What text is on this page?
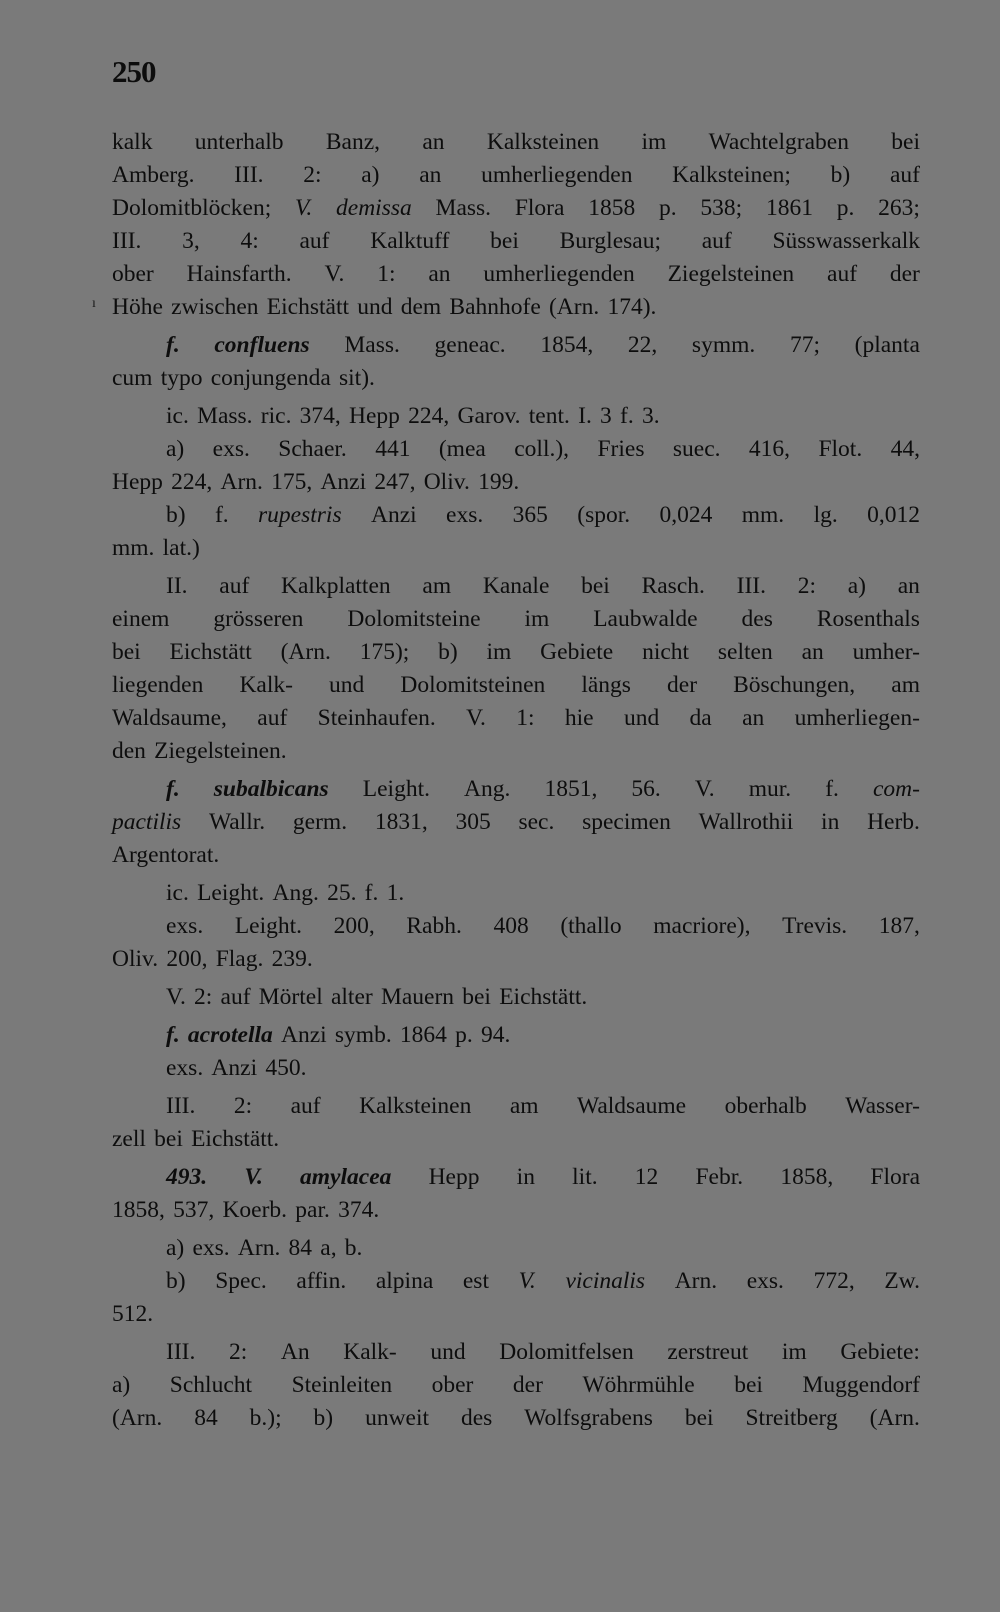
250
ı
kalk unterhalb Banz, an Kalksteinen im Wachtelgraben bei
Amberg. III. 2: a) an umherliegenden Kalksteinen; b) auf
Dolomitblöcken; V. demissa Mass. Flora 1858 p. 538; 1861 p. 263;
III. 3, 4: auf Kalktuff bei Burglesau; auf Süsswasserkalk
ober Hainsfarth. V. 1: an umherliegenden Ziegelsteinen auf der
Höhe zwischen Eichstätt und dem Bahnhofe (Arn. 174).
f. confluens Mass. geneac. 1854, 22, symm. 77; (planta
cum typo conjungenda sit).
ic. Mass. ric. 374, Hepp 224, Garov. tent. I. 3 f. 3.
a) exs. Schaer. 441 (mea coll.), Fries suec. 416, Flot. 44,
Hepp 224, Arn. 175, Anzi 247, Oliv. 199.
b) f. rupestris Anzi exs. 365 (spor. 0,024 mm. lg. 0,012
mm. lat.)
II. auf Kalkplatten am Kanale bei Rasch. III. 2: a) an
einem grösseren Dolomitsteine im Laubwalde des Rosenthals
bei Eichstätt (Arn. 175); b) im Gebiete nicht selten an umher-
liegenden Kalk- und Dolomitsteinen längs der Böschungen, am
Waldsaume, auf Steinhaufen. V. 1: hie und da an umherliegen-
den Ziegelsteinen.
f. subalbicans Leight. Ang. 1851, 56. V. mur. f. com-
pactilis Wallr. germ. 1831, 305 sec. specimen Wallrothii in Herb.
Argentorat.
ic. Leight. Ang. 25. f. 1.
exs. Leight. 200, Rabh. 408 (thallo macriore), Trevis. 187,
Oliv. 200, Flag. 239.
V. 2: auf Mörtel alter Mauern bei Eichstätt.
f. acrotella Anzi symb. 1864 p. 94.
exs. Anzi 450.
III. 2: auf Kalksteinen am Waldsaume oberhalb Wasser-
zell bei Eichstätt.
493. V. amylacea Hepp in lit. 12 Febr. 1858, Flora
1858, 537, Koerb. par. 374.
a) exs. Arn. 84 a, b.
b) Spec. affin. alpina est V. vicinalis Arn. exs. 772, Zw.
512.
III. 2: An Kalk- und Dolomitfelsen zerstreut im Gebiete:
a) Schlucht Steinleiten ober der Wöhrmühle bei Muggendorf
(Arn. 84 b.); b) unweit des Wolfsgrabens bei Streitberg (Arn.
